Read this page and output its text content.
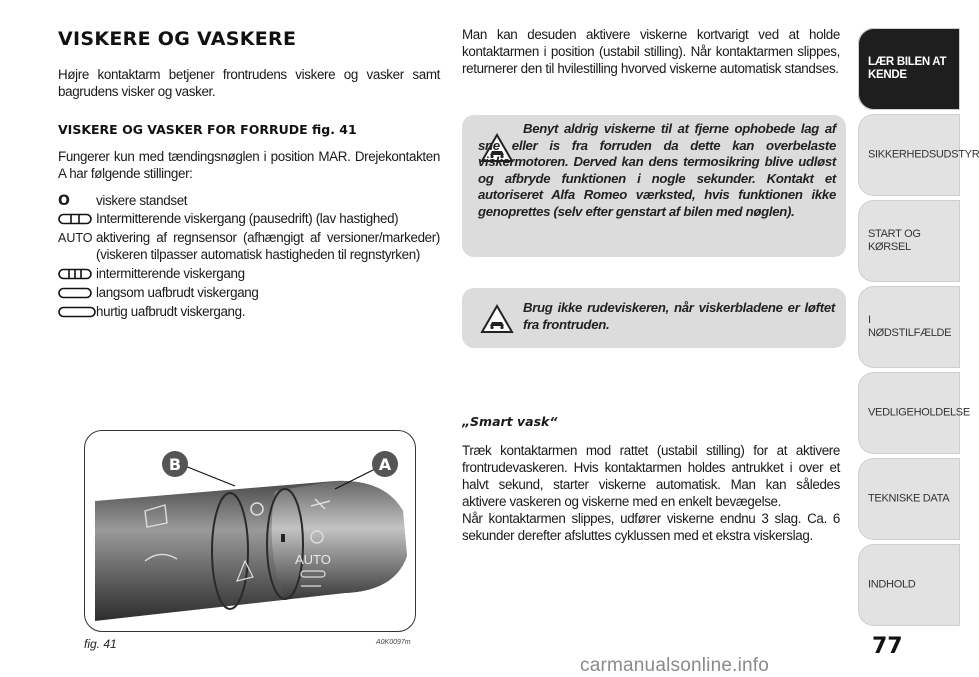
VISKERE OG VASKERE

Højre kontaktarm betjener frontrudens viskere og vasker samt bagrudens visker og vasker.

VISKERE OG VASKER FOR FORRUDE fig. 41

Fungerer kun med tændingsnøglen i position MAR. Drejekontakten A har følgende stillinger:

O viskere standset

Intermitterende viskergang (pausedrift) (lav hastighed)

AUTO aktivering af regnsensor (afhængigt af versioner/markeder) (viskeren tilpasser automatisk hastigheden til regnstyrken)

intermitterende viskergang

langsom uafbrudt viskergang

hurtig uafbrudt viskergang.

AUTO
B	A
fig. 41	A0K0097m

Man kan desuden aktivere viskerne kortvarigt ved at holde kontaktarmen i position (ustabil stilling). Når kontaktarmen slippes, returnerer den til hvilestilling hvorved viskerne automatisk standses.

Benyt aldrig viskerne til at fjerne ophobede lag af sne eller is fra forruden da dette kan overbelaste viskermotoren. Derved kan dens termosikring blive udløst og afbryde funktionen i nogle sekunder. Kontakt et autoriseret Alfa Romeo værksted, hvis funktionen ikke genoprettes (selv efter genstart af bilen med nøglen).

Brug ikke rudeviskeren, når viskerbladene er løftet fra frontruden.

„Smart vask“

Træk kontaktarmen mod rattet (ustabil stilling) for at aktivere frontrudevaskeren. Hvis kontaktarmen holdes antrukket i over et halvt sekund, starter viskerne automatisk. Man kan således aktivere vaskeren og viskerne med en enkelt bevægelse.

Når kontaktarmen slippes, udfører viskerne endnu 3 slag. Ca. 6 sekunder derefter afsluttes cyklussen med et ekstra viskerslag.

LÆR BILEN AT KENDE
SIKKERHEDSUDSTYR
START OG KØRSEL
I NØDSTILFÆLDE
VEDLIGEHOLDELSE
TEKNISKE DATA
INDHOLD
77
carmanualsonline.info
